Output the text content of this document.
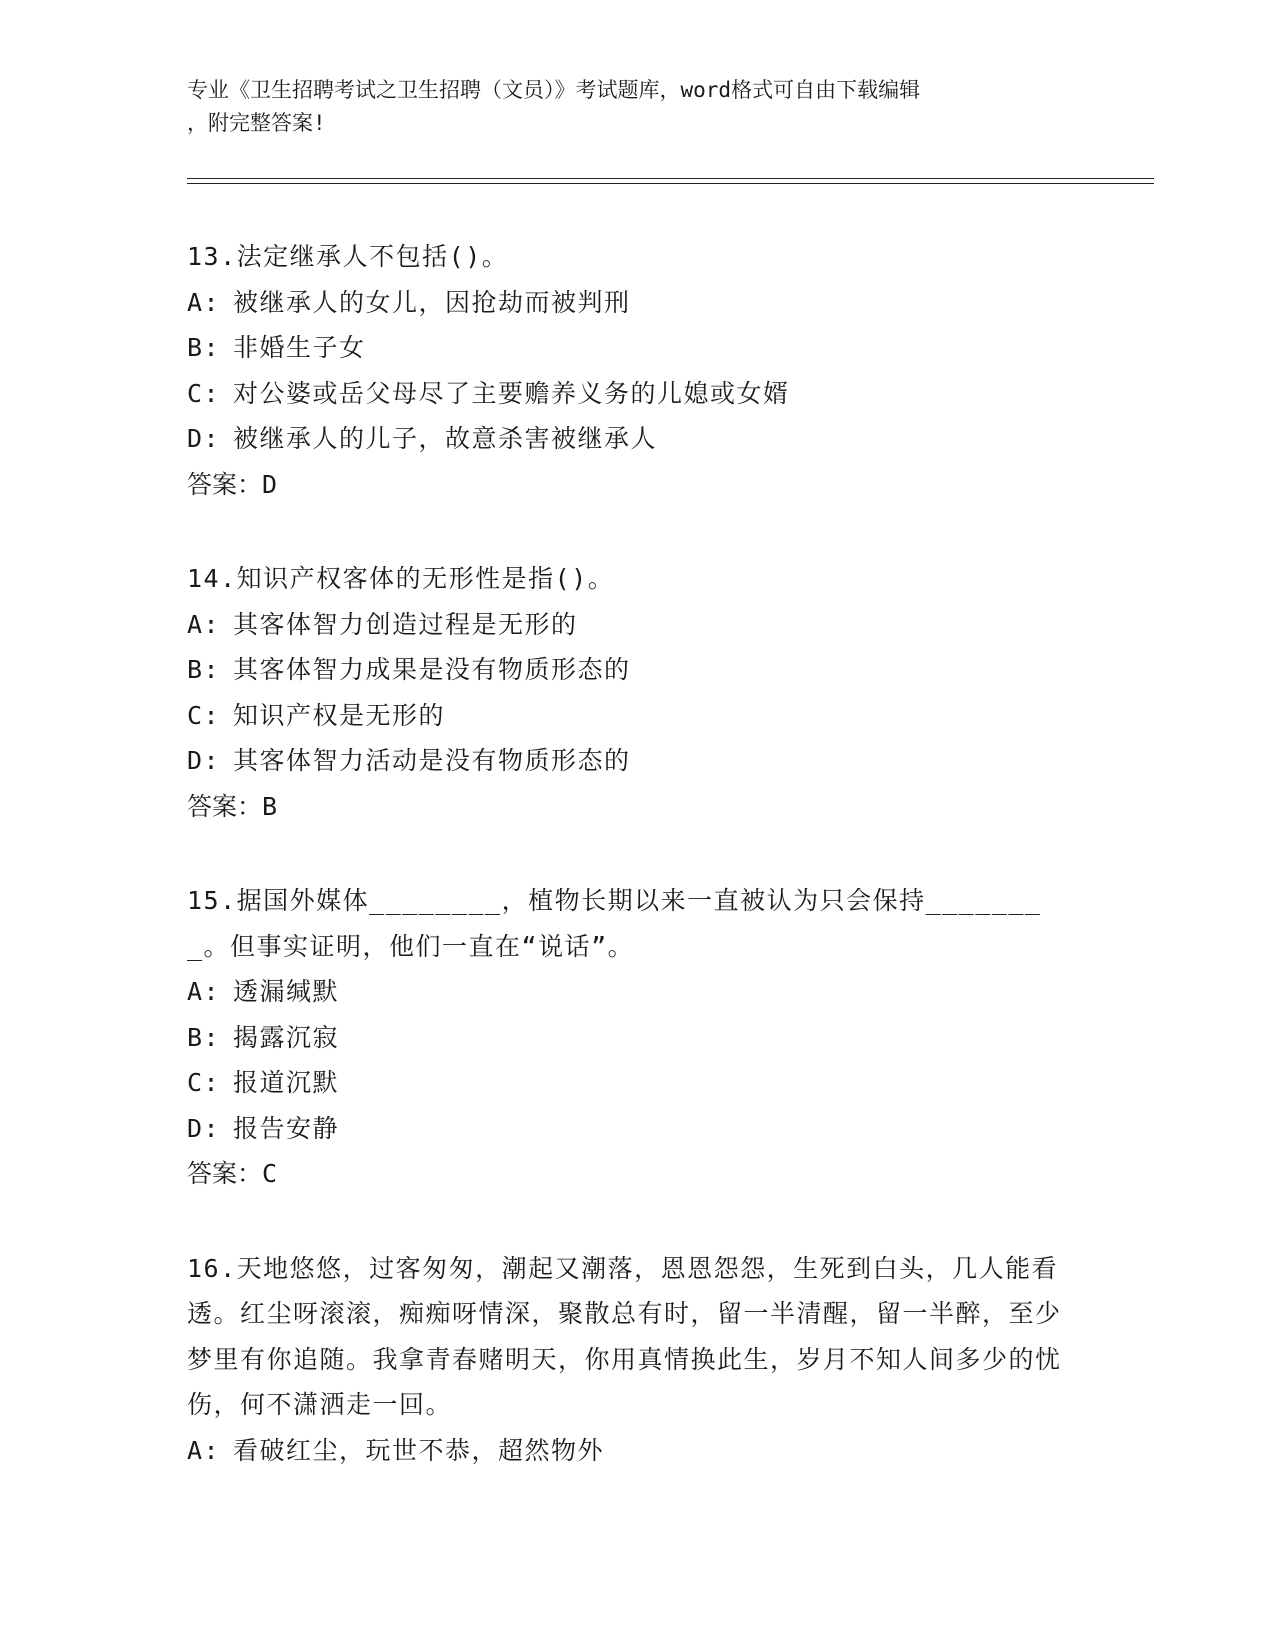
专业《卫生招聘考试之卫生招聘（文员）》考试题库，word格式可自由下载编辑
，附完整答案!
13.法定继承人不包括()。
A: 被继承人的女儿，因抢劫而被判刑
B: 非婚生子女
C: 对公婆或岳父母尽了主要赡养义务的儿媳或女婿
D: 被继承人的儿子，故意杀害被继承人
答案：D
14.知识产权客体的无形性是指()。
A: 其客体智力创造过程是无形的
B: 其客体智力成果是没有物质形态的
C: 知识产权是无形的
D: 其客体智力活动是没有物质形态的
答案：B
15.据国外媒体________，植物长期以来一直被认为只会保持________。但事实证明，他们一直在“说话”。
A: 透漏缄默
B: 揭露沉寂
C: 报道沉默
D: 报告安静
答案：C
16.天地悠悠，过客匆匆，潮起又潮落，恩恩怨怨，生死到白头，几人能看透。红尘呀滚滚，痴痴呀情深，聚散总有时，留一半清醒，留一半醉，至少梦里有你追随。我拿青春赌明天，你用真情换此生，岁月不知人间多少的忧伤，何不潇洒走一回。
A: 看破红尘，玩世不恭，超然物外
